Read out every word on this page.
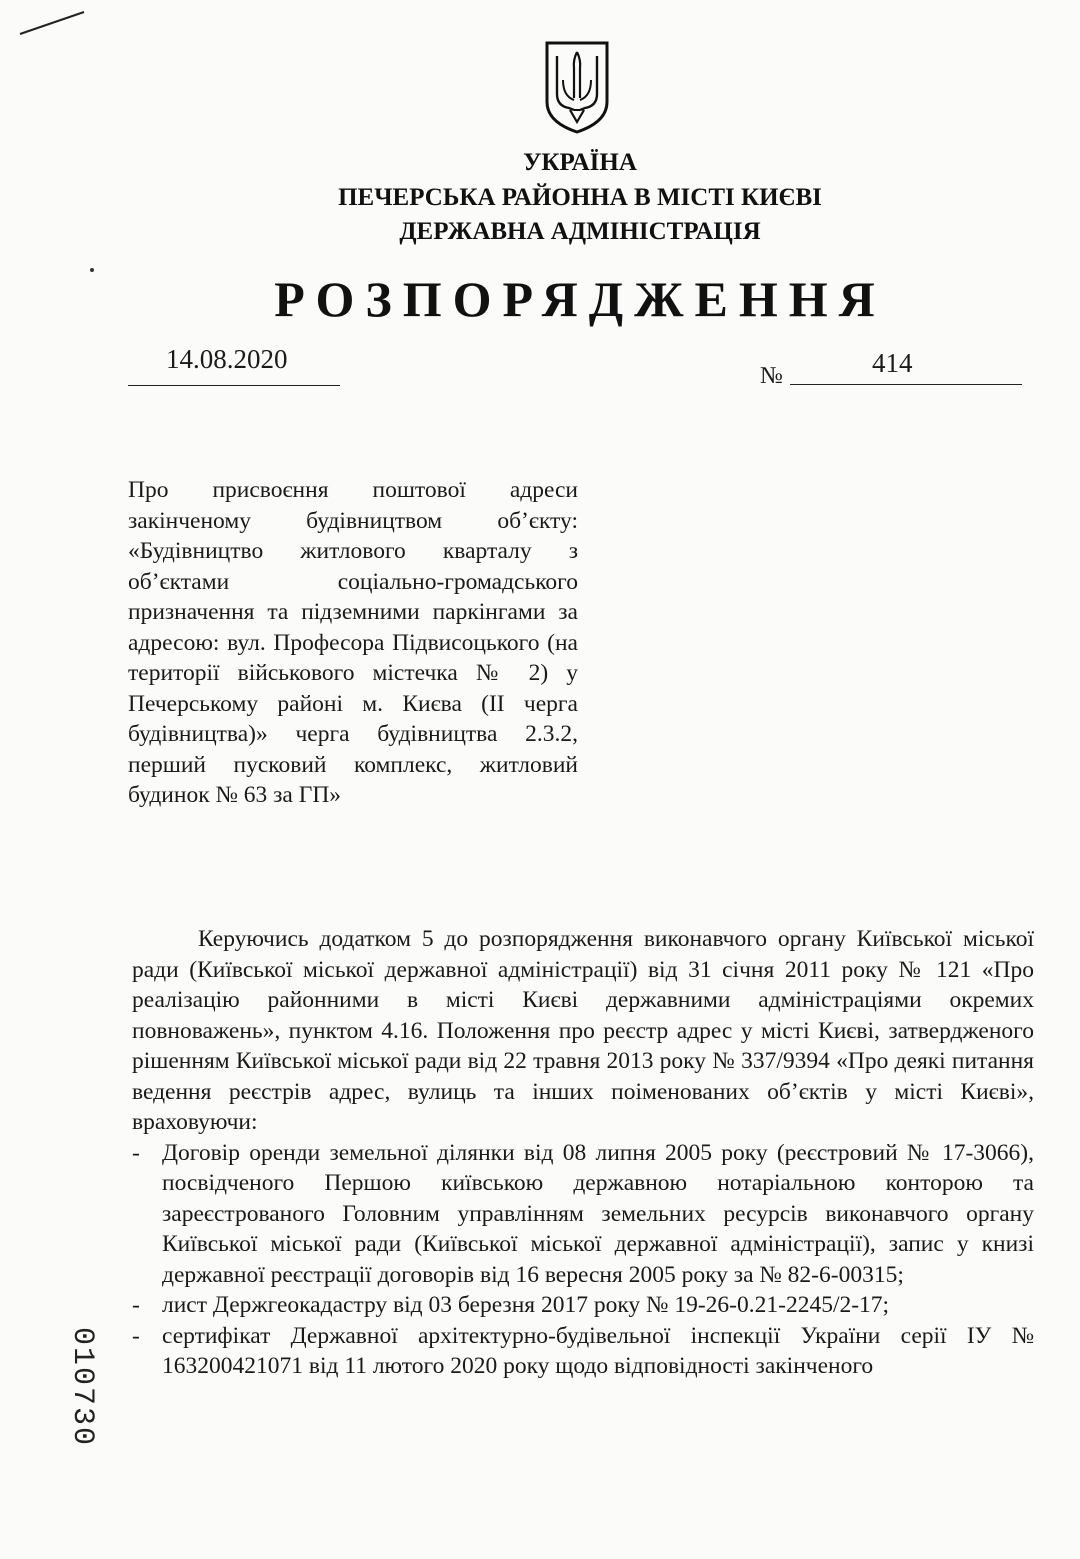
УКРАЇНА
ПЕЧЕРСЬКА РАЙОННА В МІСТІ КИЄВІ
ДЕРЖАВНА АДМІНІСТРАЦІЯ
РОЗПОРЯДЖЕННЯ
14.08.2020
№	414

Про присвоєння поштової адреси закінченому будівництвом об’єкту: «Будівництво житлового кварталу з об’єктами соціально-громадського призначення та підземними паркінгами за адресою: вул. Професора Підвисоцького (на території військового містечка № 2) у Печерському районі м. Києва (ІІ черга будівництва)» черга будівництва 2.3.2, перший пусковий комплекс, житловий будинок № 63 за ГП»

Керуючись додатком 5 до розпорядження виконавчого органу Київської міської ради (Київської міської державної адміністрації) від 31 січня 2011 року № 121 «Про реалізацію районними в місті Києві державними адміністраціями окремих повноважень», пунктом 4.16. Положення про реєстр адрес у місті Києві, затвердженого рішенням Київської міської ради від 22 травня 2013 року № 337/9394 «Про деякі питання ведення реєстрів адрес, вулиць та інших поіменованих об’єктів у місті Києві», враховуючи:

- Договір оренди земельної ділянки від 08 липня 2005 року (реєстровий № 17-3066), посвідченого Першою київською державною нотаріальною конторою та зареєстрованого Головним управлінням земельних ресурсів виконавчого органу Київської міської ради (Київської міської державної адміністрації), запис у книзі державної реєстрації договорів від 16 вересня 2005 року за № 82-6-00315;
- лист Держгеокадастру від 03 березня 2017 року № 19-26-0.21-2245/2-17;
- сертифікат Державної архітектурно-будівельної інспекції України серії ІУ № 163200421071 від 11 лютого 2020 року щодо відповідності закінченого
010730
